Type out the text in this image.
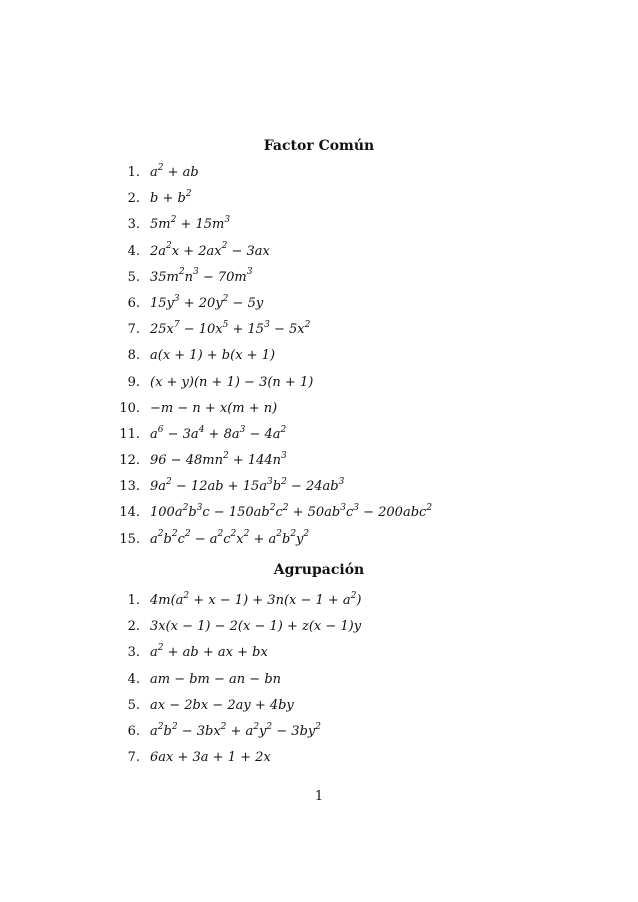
Factor Común
1. $a^2$ + ab
2. $b + b^2$
3. $5m^2 + 15m^3$
4. $2a^2x + 2ax^2 - 3ax$
5. $35m^2n^3 - 70m^3$
6. $15y^3 + 20y^2 - 5y$
7. $25x^7 - 10x^5 + 15^3 - 5x^2$
8. a(x + 1) + b(x + 1)
9. (x + y)(n + 1) − 3(n + 1)
10. −m − n + x(m + n)
11. $a^6 - 3a^4 + 8a^3 - 4a^2$
12. $96 - 48mn^2 + 144n^3$
13. $9a^2 - 12ab + 15a^3b^2 - 24ab^3$
14. $100a^2b^3c - 150ab^2c^2 + 50ab^3c^3 - 200abc^2$
15. $a^2b^2c^2 - a^2c^2x^2 + a^2b^2y^2$
Agrupación
1. $4m(a^2 + x - 1) + 3n(x - 1 + a^2)$
2. 3x(x − 1) − 2(x − 1) + z(x − 1)y
3. $a^2$ + ab + ax + bx
4. am − bm − an − bn
5. ax − 2bx − 2ay + 4by
6. $a^2b^2 - 3bx^2 + a^2y^2 - 3by^2$
7. 6ax + 3a + 1 + 2x
1
